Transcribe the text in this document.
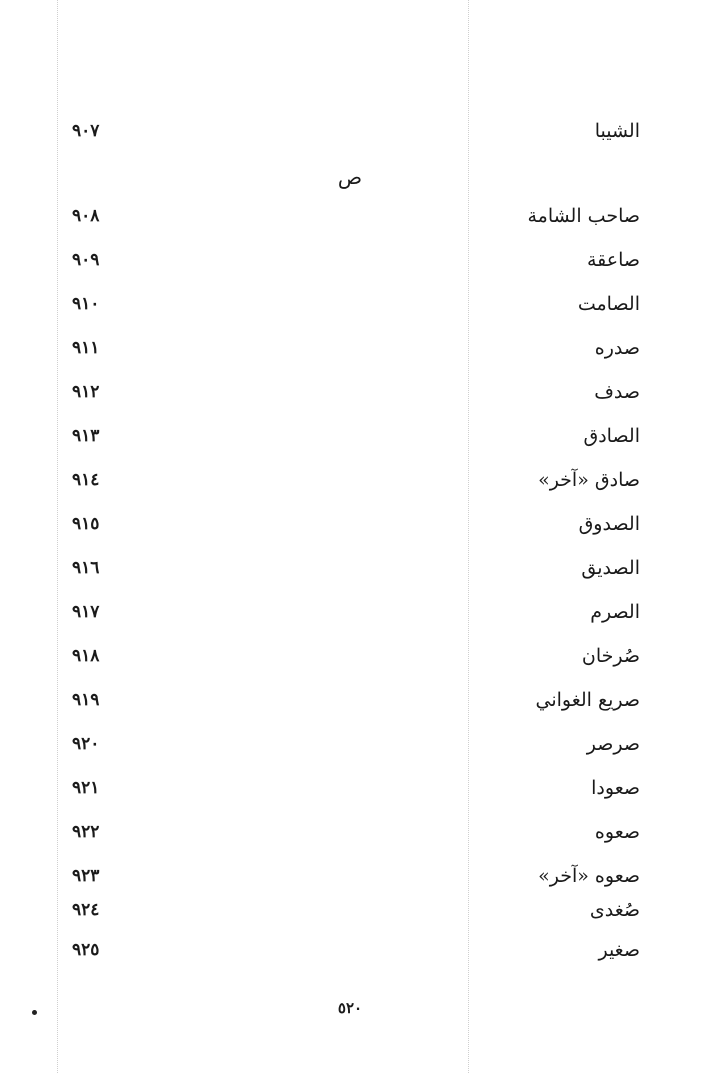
الشيبا
٩٠٧
ص
صاحب الشامة
٩٠٨
صاعقة
٩٠٩
الصامت
٩١٠
صدره
٩١١
صدف
٩١٢
الصادق
٩١٣
صادق «آخر»
٩١٤
الصدوق
٩١٥
الصديق
٩١٦
الصرم
٩١٧
صُرخان
٩١٨
صريع الغواني
٩١٩
صرصر
٩٢٠
صعودا
٩٢١
صعوه
٩٢٢
صعوه «آخر»
٩٢٣
صُغدى
٩٢٤
صغير
٩٢٥
٥٢٠
